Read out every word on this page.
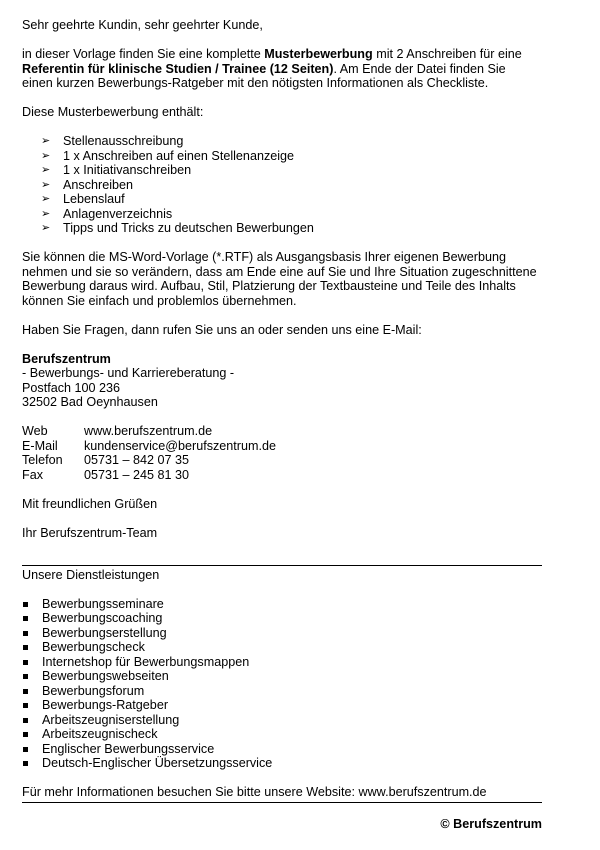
Sehr geehrte Kundin, sehr geehrter Kunde,

in dieser Vorlage finden Sie eine komplette Musterbewerbung mit 2 Anschreiben für eine
Referentin für klinische Studien / Trainee (12 Seiten). Am Ende der Datei finden Sie
einen kurzen Bewerbungs-Ratgeber mit den nötigsten Informationen als Checkliste.

Diese Musterbewerbung enthält:

➢ Stellenausschreibung
➢ 1 x Anschreiben auf einen Stellenanzeige
➢ 1 x Initiativanschreiben
➢ Anschreiben
➢ Lebenslauf
➢ Anlagenverzeichnis
➢ Tipps und Tricks zu deutschen Bewerbungen

Sie können die MS-Word-Vorlage (*.RTF) als Ausgangsbasis Ihrer eigenen Bewerbung
nehmen und sie so verändern, dass am Ende eine auf Sie und Ihre Situation zugeschnittene
Bewerbung daraus wird. Aufbau, Stil, Platzierung der Textbausteine und Teile des Inhalts
können Sie einfach und problemlos übernehmen.

Haben Sie Fragen, dann rufen Sie uns an oder senden uns eine E-Mail:

Berufszentrum
- Bewerbungs- und Karriereberatung -
Postfach 100 236
32502 Bad Oeynhausen

Web	www.berufszentrum.de
E-Mail	kundenservice@berufszentrum.de
Telefon	05731 – 842 07 35
Fax	05731 – 245 81 30

Mit freundlichen Grüßen

Ihr Berufszentrum-Team

Unsere Dienstleistungen

Bewerbungsseminare
Bewerbungscoaching
Bewerbungserstellung
Bewerbungscheck
Internetshop für Bewerbungsmappen
Bewerbungswebseiten
Bewerbungsforum
Bewerbungs-Ratgeber
Arbeitszeugniserstellung
Arbeitszeugnischeck
Englischer Bewerbungsservice
Deutsch-Englischer Übersetzungsservice

Für mehr Informationen besuchen Sie bitte unsere Website: www.berufszentrum.de

© Berufszentrum
